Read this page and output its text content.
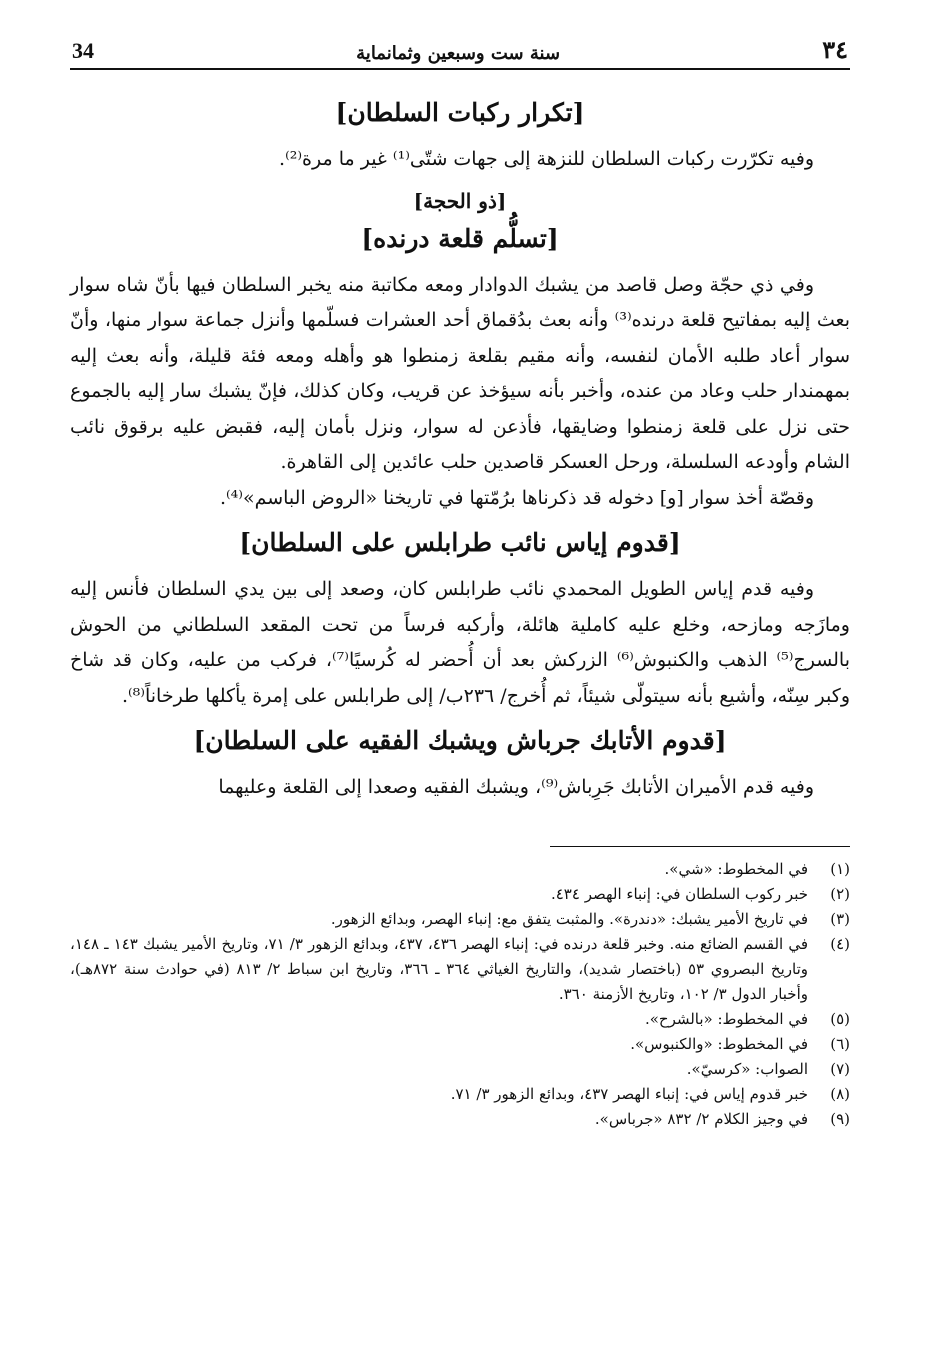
34	سنة ست وسبعين وثمانماية	٣٤
[تكرار ركبات السلطان]

وفيه تكرّرت ركبات السلطان للنزهة إلى جهات شتّى⁽¹⁾ غير ما مرة⁽²⁾.

[ذو الحجة]
[تسلُّم قلعة درنده]

وفي ذي حجّة وصل قاصد من يشبك الدوادار ومعه مكاتبة منه يخبر السلطان فيها بأنّ شاه سوار بعث إليه بمفاتيح قلعة درنده⁽³⁾ وأنه بعث بدُقماق أحد العشرات فسلّمها وأنزل جماعة سوار منها، وأنّ سوار أعاد طلبه الأمان لنفسه، وأنه مقيم بقلعة زمنطوا هو وأهله ومعه فئة قليلة، وأنه بعث إليه بمهمندار حلب وعاد من عنده، وأخبر بأنه سيؤخذ عن قريب، وكان كذلك، فإنّ يشبك سار إليه بالجموع حتى نزل على قلعة زمنطوا وضايقها، فأذعن له سوار، ونزل بأمان إليه، فقبض عليه برقوق نائب الشام وأودعه السلسلة، ورحل العسكر قاصدين حلب عائدين إلى القاهرة.

وقصّة أخذ سوار [و] دخوله قد ذكرناها برُمّتها في تاريخنا «الروض الباسم»⁽⁴⁾.

[قدوم إياس نائب طرابلس على السلطان]

وفيه قدم إياس الطويل المحمدي نائب طرابلس كان، وصعد إلى بين يدي السلطان فأنس إليه ومازَجه ومازحه، وخلع عليه كاملية هائلة، وأركبه فرساً من تحت المقعد السلطاني من الحوش بالسرج⁽⁵⁾ الذهب والكنبوش⁽⁶⁾ الزركش بعد أن أُحضر له كُرسيًا⁽⁷⁾، فركب من عليه، وكان قد شاخ وكبر سِنّه، وأشيع بأنه سيتولّى شيئاً، ثم أُخرج/ ٢٣٦ب/ إلى طرابلس على إمرة يأكلها طرخاناً⁽⁸⁾.

[قدوم الأتابك جرباش ويشبك الفقيه على السلطان]

وفيه قدم الأميران الأتابك جَرِباش⁽⁹⁾، ويشبك الفقيه وصعدا إلى القلعة وعليهما

(١)
في المخطوط: «شي».
(٢)
خبر ركوب السلطان في: إنباء الهصر ٤٣٤.
(٣)
في تاريخ الأمير يشبك: «دندرة». والمثبت يتفق مع: إنباء الهصر، وبدائع الزهور.
(٤)
في القسم الضائع منه. وخبر قلعة درنده في: إنباء الهصر ٤٣٦، ٤٣٧، وبدائع الزهور ٣/ ٧١، وتاريخ الأمير يشبك ١٤٣ ـ ١٤٨، وتاريخ البصروي ٥٣ (باختصار شديد)، والتاريخ الغياثي ٣٦٤ ـ ٣٦٦، وتاريخ ابن سباط ٢/ ٨١٣ (في حوادث سنة ٨٧٢هـ)، وأخبار الدول ٣/ ١٠٢، وتاريخ الأزمنة ٣٦٠.
(٥)
في المخطوط: «بالشرح».
(٦)
في المخطوط: «والكنبوس».
(٧)
الصواب: «كرسيّ».
(٨)
خبر قدوم إياس في: إنباء الهصر ٤٣٧، وبدائع الزهور ٣/ ٧١.
(٩)
في وجيز الكلام ٢/ ٨٣٢ «جرباس».
